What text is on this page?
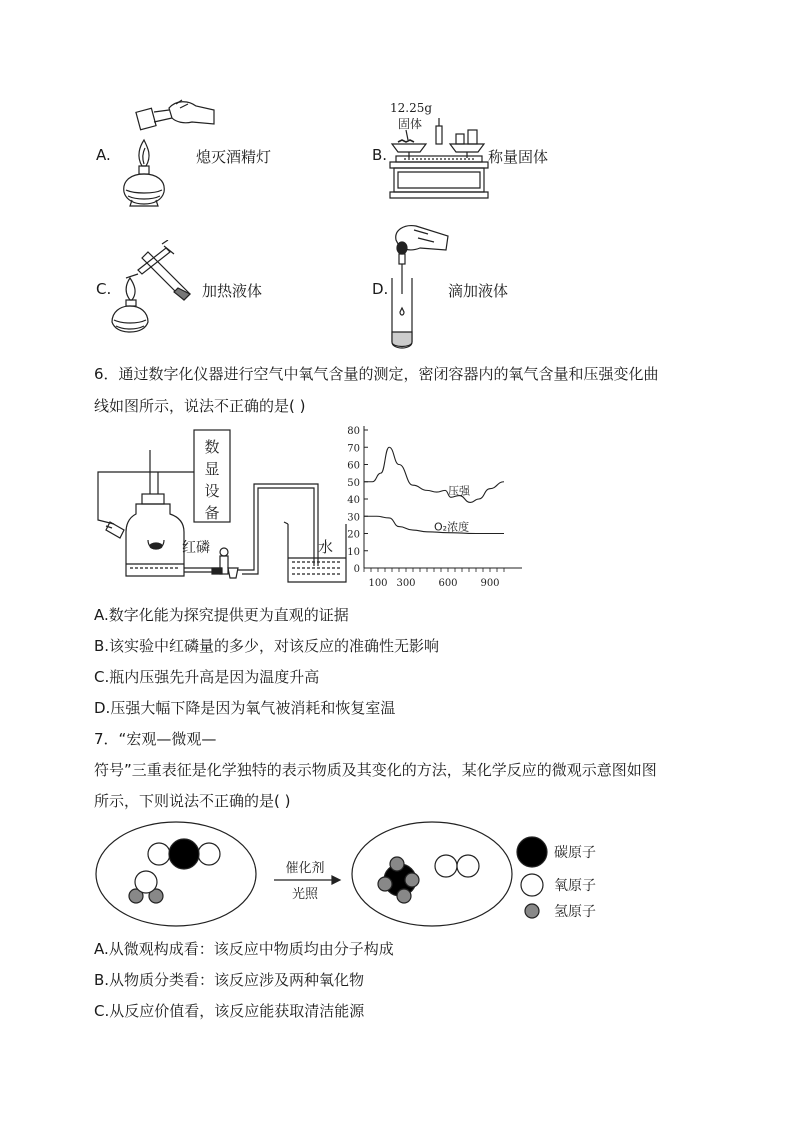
A.	熄灭酒精灯	B.
12.25g
固体
称量固体
C.	加热液体	D.	滴加液体
6．通过数字化仪器进行空气中氧气含量的测定，密闭容器内的氧气含量和压强变化曲
线如图所示，说法不正确的是( )
数
显
设
备
红磷	水
80
70
60
50
40
30
20
10
0
100 300 600 900
压强
O₂浓度
A.数字化能为探究提供更为直观的证据
B.该实验中红磷量的多少，对该反应的准确性无影响
C.瓶内压强先升高是因为温度升高
D.压强大幅下降是因为氧气被消耗和恢复室温
7．“宏观—微观—
符号”三重表征是化学独特的表示物质及其变化的方法，某化学反应的微观示意图如图
所示，下则说法不正确的是( )
催化剂
光照
碳原子
氧原子
氢原子
A.从微观构成看：该反应中物质均由分子构成
B.从物质分类看：该反应涉及两种氧化物
C.从反应价值看，该反应能获取清洁能源
